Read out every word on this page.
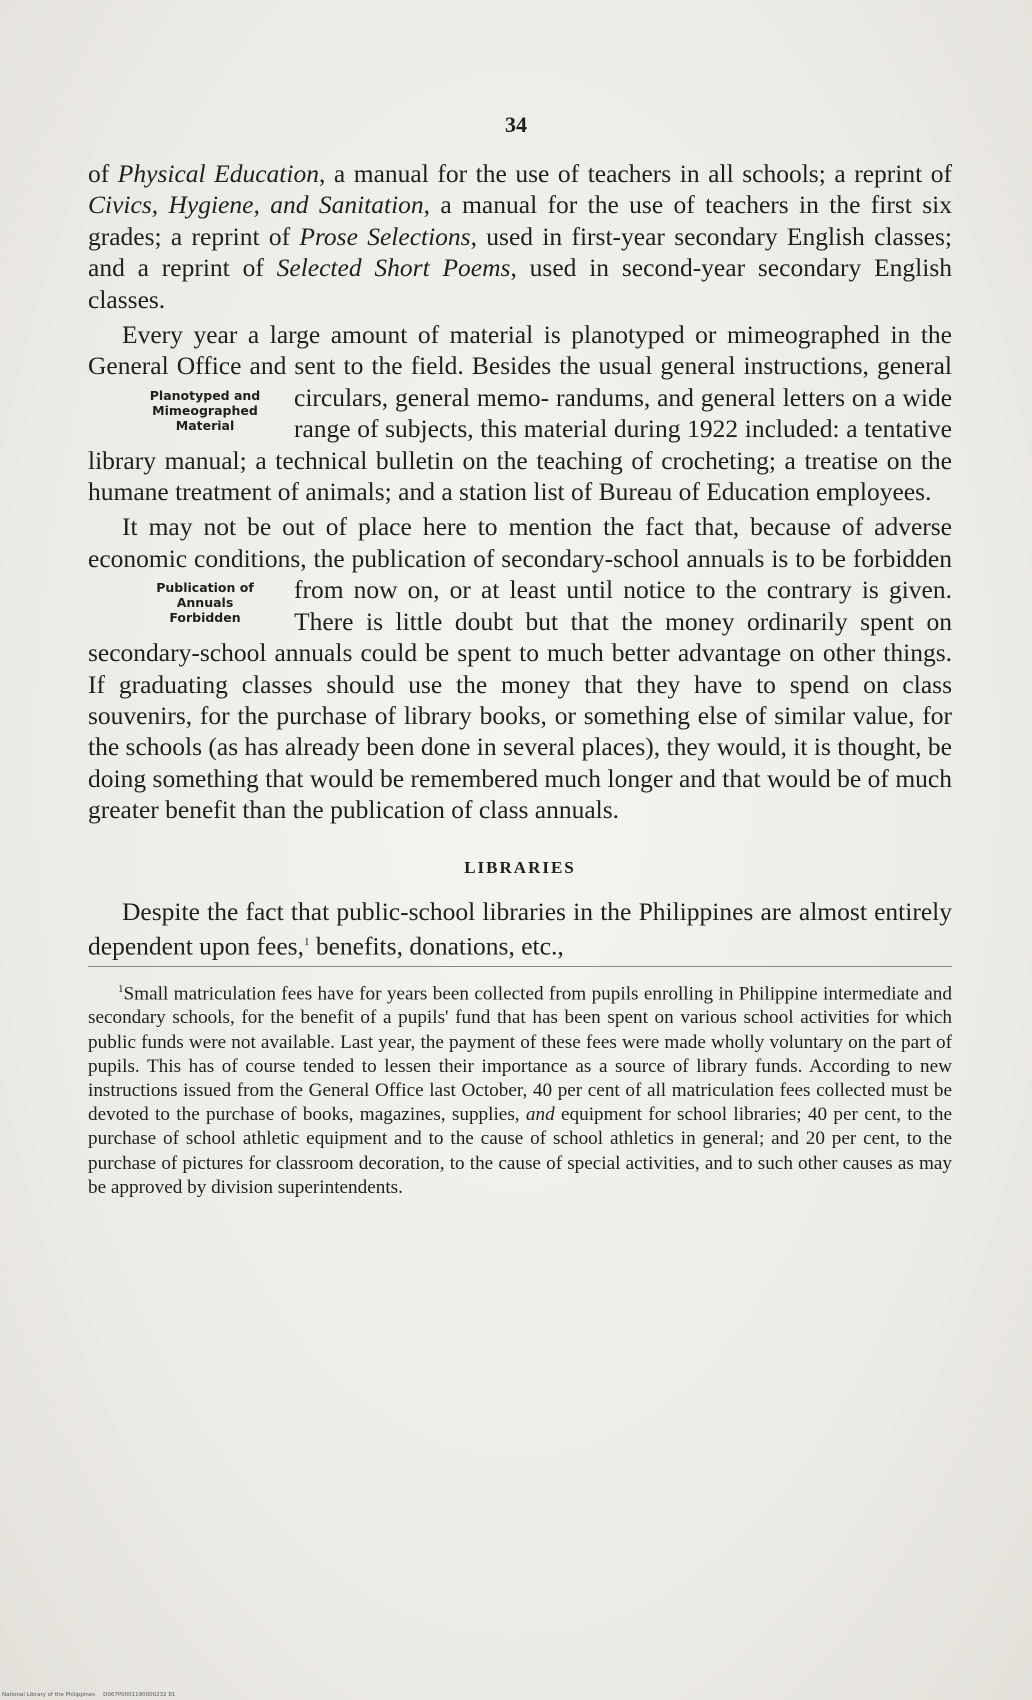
34

of Physical Education, a manual for the use of teachers in all schools; a reprint of Civics, Hygiene, and Sanitation, a manual for the use of teachers in the first six grades; a reprint of Prose Selections, used in first-year secondary English classes; and a reprint of Selected Short Poems, used in second-year secondary English classes.

Every year a large amount of material is planotyped or mimeographed in the General Office and sent to the field. Besides the usual general instructions, general circulars, general memo-
Planotyped and
Mimeographed
Material
randums, and general letters on a wide range of subjects, this material during 1922 included: a tentative library manual; a technical bulletin on the teaching of crocheting; a treatise on the humane treatment of animals; and a station list of Bureau of Education employees.

It may not be out of place here to mention the fact that, because of adverse economic conditions, the publication of secondary-school annuals is to be forbidden from now on, or at
Publication of
Annuals
Forbidden
least until notice to the contrary is given. There is little doubt but that the money ordinarily spent on secondary-school annuals could be spent to much better advantage on other things. If graduating classes should use the money that they have to spend on class souvenirs, for the purchase of library books, or something else of similar value, for the schools (as has already been done in several places), they would, it is thought, be doing something that would be remembered much longer and that would be of much greater benefit than the publication of class annuals.

LIBRARIES

Despite the fact that public-school libraries in the Philippines are almost entirely dependent upon fees,$^1$ benefits, donations, etc.,

$^1$Small matriculation fees have for years been collected from pupils enrolling in Philippine intermediate and secondary schools, for the benefit of a pupils' fund that has been spent on various school activities for which public funds were not available. Last year, the payment of these fees were made wholly voluntary on the part of pupils. This has of course tended to lessen their importance as a source of library funds. According to new instructions issued from the General Office last October, 40 per cent of all matriculation fees collected must be devoted to the purchase of books, magazines, supplies, and equipment for school libraries; 40 per cent, to the purchase of school athletic equipment and to the cause of school athletics in general; and 20 per cent, to the purchase of pictures for classroom decoration, to the cause of special activities, and to such other causes as may be approved by division superintendents.

National Library of the Philippines D067P0001190000232 81
